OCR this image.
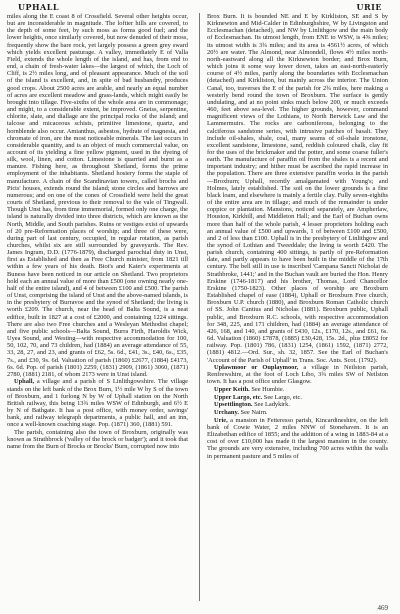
UPHALL	URIE

miles along the E coast 8 of Crossfield. Several other heights occur, but are inconsiderable in magnitude. The loftier hills are covered, to the depth of some feet, by such moss as forms good fuel; and the lower heights, once similarly covered, but now denuded of their moss, frequently show the bare rock, yet largely possess a green grey sward which yields excellent pasturage. A valley, immediately E of Valla Field, extends the whole length of the island, and has, from end to end, a chain of fresh-water lakes—the largest of which, the Loch of Cliff, is 2½ miles long, and of pleasant appearance. Much of the soil of the island is excellent, and, in spite of bad husbandry, produces good crops. About 2500 acres are arable, and nearly an equal number of acres are excellent meadow and grass-lands, which might easily be brought into tillage. Five-sixths of the whole area are in commonage; and might, to a considerable extent, be improved. Gneiss, serpentine, chlorite, slate, and diallage are the principal rocks of the island; and talcose and micaceous schists, primitive limestone, quartz, and hornblende also occur. Amianthus, asbestos, hydrate of magnesia, and chromate of iron, are the most noticeable minerals. The last occurs in considerable quantity, and is an object of much commercial value, on account of its yielding a fine yellow pigment, used in the dyeing of silk, wool, linen, and cotton. Limestone is quarried and burnt as a manure. Fishing here, as throughout Shetland, forms the prime employment of the inhabitants. Shetland hosiery forms the staple of manufacture. A chain of the Scandinavian towers, called brochs and Picts' houses, extends round the island; stone circles and barrows are numerous; and on one of the cones of Crossfield were held the great courts of Shetland, previous to their removal to the vale of Tingwall. Though Unst has, from time immemorial, formed only one charge, the island is naturally divided into three districts, which are known as the North, Middle, and South parishes. Ruins or vestiges exist of upwards of 20 pre-Reformation places of worship; and three of these were, during part of last century, occupied, in regular rotation, as parish churches, whilst six are still surrounded by graveyards. The Rev. James Ingram, D.D. (1776-1879), discharged parochial duty in Unst, first as Established and then as Free Church minister, from 1821 till within a few years of his death. Biot's and Kater's experiments at Buness have been noticed in our article on Shetland. Two proprietors hold each an annual value of more than £500 (one owning nearly one-half of the entire island), and 4 of between £100 and £500. The parish of Unst, comprising the island of Unst and the above-named islands, is in the presbytery of Burravoe and the synod of Shetland; the living is worth £209. The church, near the head of Balta Sound, is a neat edifice, built in 1827 at a cost of £2000, and containing 1224 sittings. There are also two Free churches and a Wesleyan Methodist chapel; and five public schools—Balta Sound, Burra Firth, Haroldis Wick, Uyea Sound, and Westing—with respective accommodation for 100, 50, 102, 70, and 73 children, had (1884) an average attendance of 55, 33, 28, 27, and 23, and grants of £62, 5s. 6d., £41, 3s., £40, 6s., £35, 7s., and £30, 9s. 6d. Valuation of parish (1860) £2677, (1884) £4173, 6s. 6d. Pop. of parish (1801) 2259, (1831) 2909, (1861) 3060, (1871) 2780, (1881) 2181, of whom 2173 were in Unst island.

Uphall, a village and a parish of S Linlithgowshire. The village stands on the left bank of the Brox Burn, 1½ mile W by S of the town of Broxburn, and 1 furlong N by W of Uphall station on the North British railway, this being 13¾ miles WSW of Edinburgh, and 6½ E by N of Bathgate. It has a post office, with money order, savings' bank, and railway telegraph departments, a public hall, and an inn, once a well-known coaching stage. Pop. (1871) 360, (1881) 591.

The parish, containing also the town of Broxburn, originally was known as Strathbrock ('valley of the brock or badger'); and it took that name from the Burn of Brocks or Brocks' Burn, corrupted now into

Brox Burn. It is bounded NE and E by Kirkliston, SE and S by Kirknewton and Mid-Calder in Edinburghshire, W by Livingston and Ecclesmachan (detached), and NW by Linlithgow and the main body of Ecclesmachan. Its utmost length, from ENE to WSW, is 4⅝ miles; its utmost width is 3¾ miles; and its area is 4561½ acres, of which 20½ are water. The Almond, near Almondell, flows 4½ miles north-north-eastward along all the Kirknewton border; and Brox Burn, which joins it some way lower down, takes an east-north-easterly course of 4½ miles, partly along the boundaries with Ecclesmachan (detached) and Kirkliston, but mainly across the interior. The Union Canal, too, traverses the E of the parish for 2¾ miles, here making a westerly bend round the town of Broxburn. The surface is gently undulating, and at no point sinks much below 200, or much exceeds 460, feet above sea-level. The higher grounds, however, command magnificent views of the Lothians, to North Berwick Law and the Lammermuirs. The rocks are carboniferous, belonging to the calciferous sandstone series, with intrusive patches of basalt. They include oil-shales, shale, coal, many seams of oil-shale ironstone, excellent sandstone, limestone, sand, reddish coloured chalk, clay fit for the uses of the brickmaker and the potter, and some coarse fuller's earth. The manufacture of paraffin oil from the shales is a recent and important industry; and hither must be ascribed the rapid increase in the population. There are three extensive paraffin works in the parish—Broxburn; Uphall, recently amalgamated with Young's; and Holmes, lately established. The soil on the lower grounds is a fine black loam, and elsewhere is mainly a fertile clay. Fully seven-eighths of the entire area are in tillage; and much of the remainder is under coppice or plantation. Mansions, noticed separately, are Ampherlaw, Houston, Kirkhill, and Middleton Hall; and the Earl of Buchan owns more than half of the whole parish, 4 lesser proprietors holding each an annual value of £500 and upwards, 1 of between £100 and £500, and 2 of less than £100. Uphall is in the presbytery of Linlithgow and the synod of Lothian and Tweeddale; the living is worth £420. The parish church, containing 400 sittings, is partly of pre-Reformation date, and partly appears to have been built in the middle of the 17th century. The bell still in use is inscribed 'Campana Sancti Nicholai de Strathbroke, 1441;' and in the Buchan vault are buried the Hon. Henry Erskine (1746-1817) and his brother, Thomas, Lord Chancellor Erskine (1750-1823). Other places of worship are Broxburn Established chapel of ease (1884), Uphall or Broxburn Free church, Broxburn U.P. church (1880), and Broxburn Roman Catholic church of SS. John Cantius and Nicholas (1881). Broxburn public, Uphall public, and Broxburn R.C. schools, with respective accommodation for 348, 225, and 171 children, had (1884) an average attendance of 426, 168, and 140, and grants of £430, 12s., £170, 12s., and £61, 6s. 6d. Valuation (1860) £7878, (1885) £30,428, 15s. 2d., plus £8052 for railway. Pop. (1801) 786, (1831) 1254, (1861) 1592, (1871) 2772, (1881) 4812.—Ord. Sur., sh. 32, 1857. See the Earl of Buchan's 'Account of the Parish of Uphall' in Trans. Soc. Ants. Scot. (1792).

Uplawmoor or Ouplaymoor, a village in Neilston parish, Renfrewshire, at the foot of Loch Libo, 3¾ miles SW of Neilston town. It has a post office under Glasgow.

Upper Keith. See Humbie.

Upper Largo, etc. See Largo, etc.

Upsettlington. See Ladykirk.

Urchany. See Nairn.

Urie, a mansion in Fetteresso parish, Kincardineshire, on the left bank of Cowie Water, 2 miles NNW of Stonehaven. It is an Elizabethan edifice of 1855; and the addition of a wing in 1883-84 at a cost of over £10,000 has made it the largest mansion in the county. The grounds are very extensive, including 700 acres within the walls in permanent pasture and 5 miles of

469
